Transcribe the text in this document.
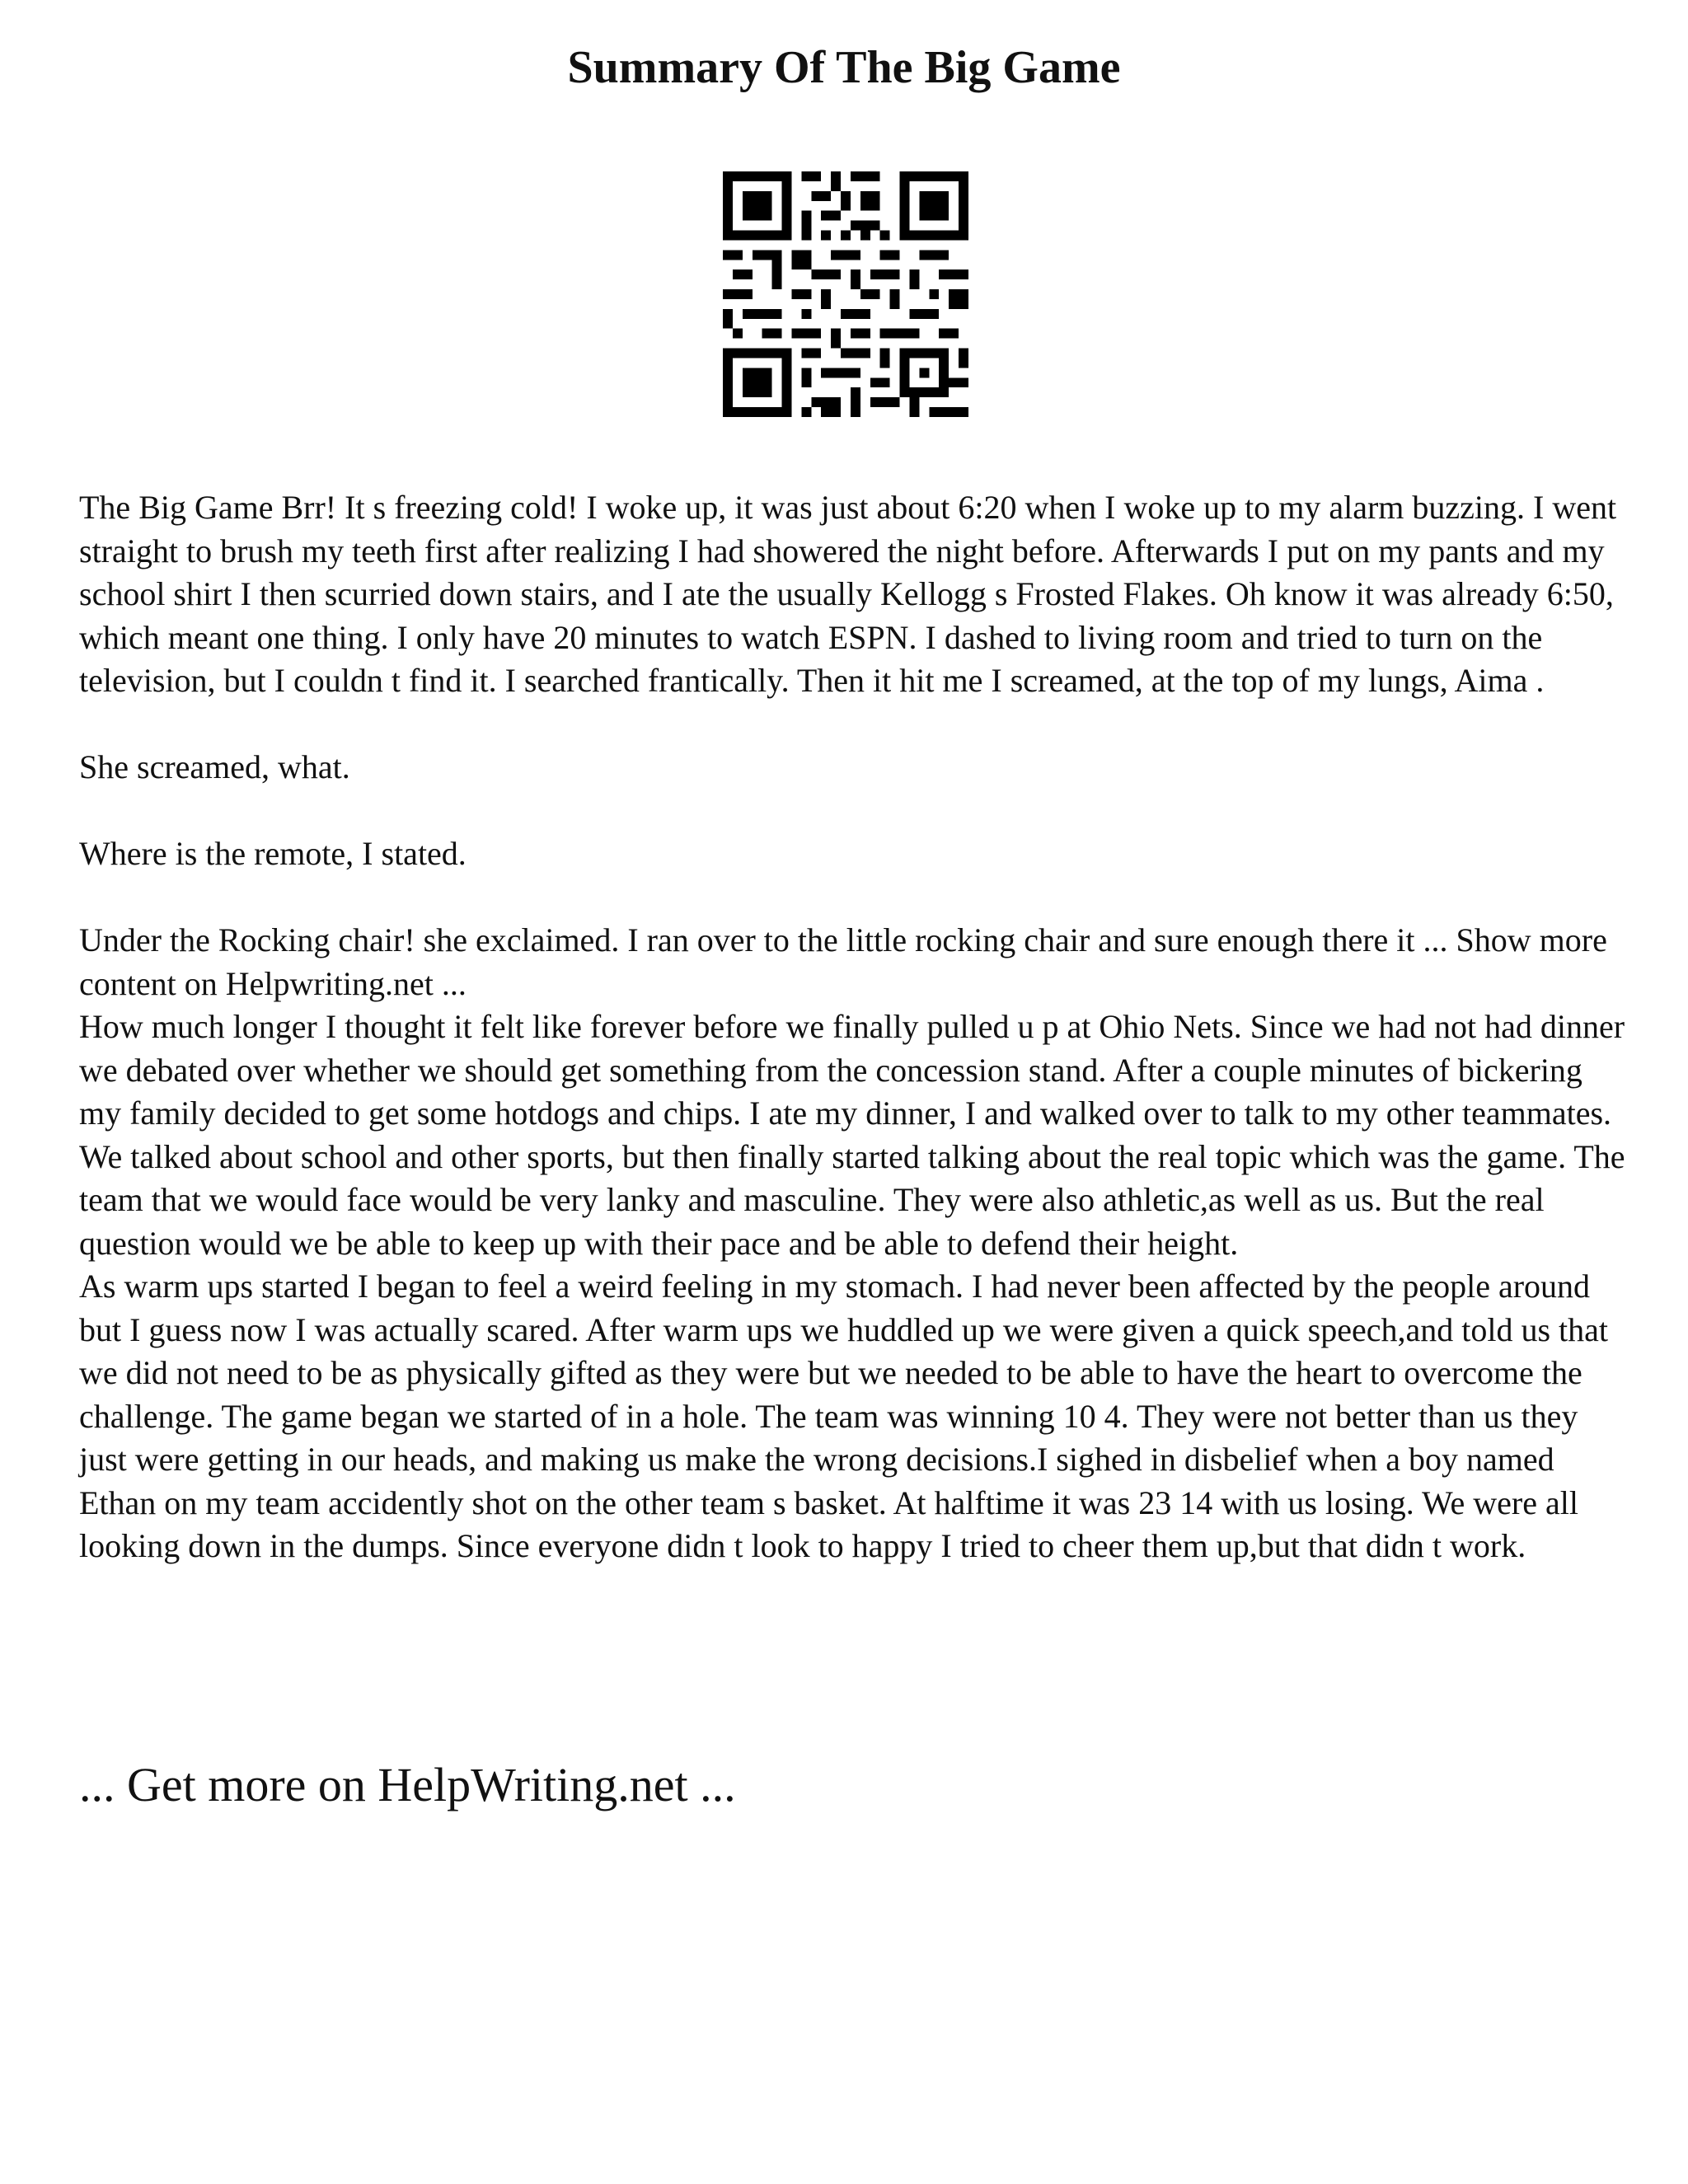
Summary Of The Big Game

The Big Game Brr! It s freezing cold! I woke up, it was just about 6:20 when I woke up to my alarm buzzing. I went straight to brush my teeth first after realizing I had showered the night before. Afterwards I put on my pants and my school shirt I then scurried down stairs, and I ate the usually Kellogg s Frosted Flakes. Oh know it was already 6:50, which meant one thing. I only have 20 minutes to watch ESPN. I dashed to living room and tried to turn on the television, but I couldn t find it. I searched frantically. Then it hit me I screamed, at the top of my lungs, Aima .

She screamed, what.

Where is the remote, I stated.

Under the Rocking chair! she exclaimed. I ran over to the little rocking chair and sure enough there it ... Show more content on Helpwriting.net ...

How much longer I thought it felt like forever before we finally pulled u p at Ohio Nets. Since we had not had dinner we debated over whether we should get something from the concession stand. After a couple minutes of bickering my family decided to get some hotdogs and chips. I ate my dinner, I and walked over to talk to my other teammates. We talked about school and other sports, but then finally started talking about the real topic which was the game. The team that we would face would be very lanky and masculine. They were also athletic,as well as us. But the real question would we be able to keep up with their pace and be able to defend their height.

As warm ups started I began to feel a weird feeling in my stomach. I had never been affected by the people around but I guess now I was actually scared. After warm ups we huddled up we were given a quick speech,and told us that we did not need to be as physically gifted as they were but we needed to be able to have the heart to overcome the challenge. The game began we started of in a hole. The team was winning 10 4. They were not better than us they just were getting in our heads, and making us make the wrong decisions.I sighed in disbelief when a boy named Ethan on my team accidently shot on the other team s basket. At halftime it was 23 14 with us losing. We were all looking down in the dumps. Since everyone didn t look to happy I tried to cheer them up,but that didn t work.

... Get more on HelpWriting.net ...
